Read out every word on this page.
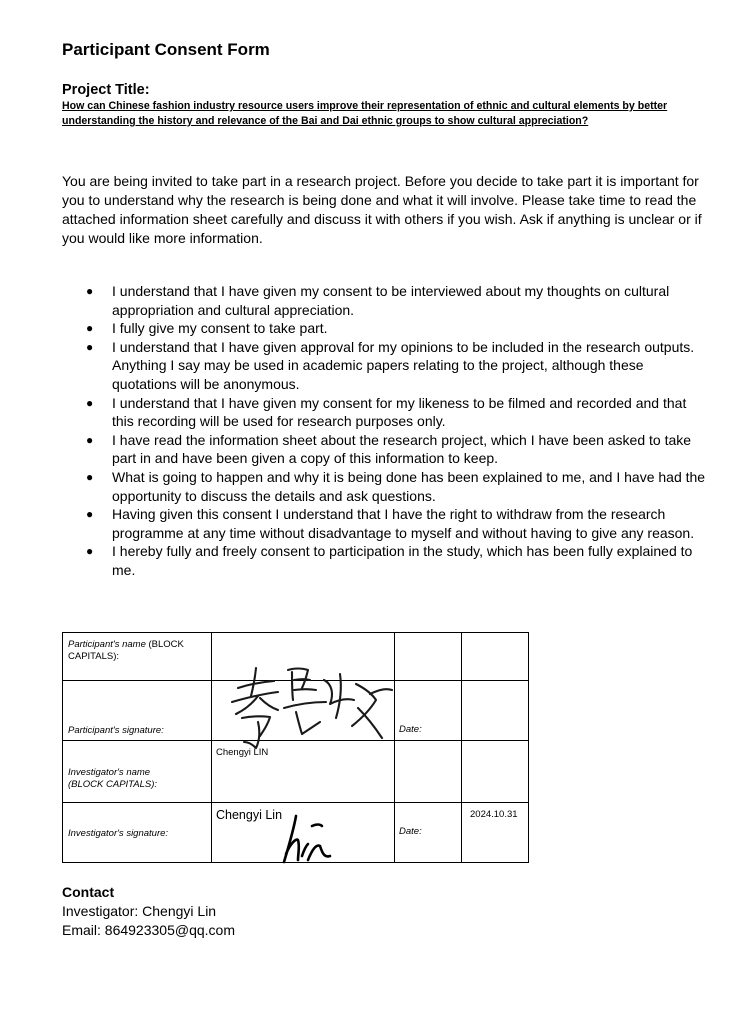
Participant Consent Form
Project Title:

How can Chinese fashion industry resource users improve their representation of ethnic and cultural elements by better understanding the history and relevance of the Bai and Dai ethnic groups to show cultural appreciation?

You are being invited to take part in a research project. Before you decide to take part it is important for you to understand why the research is being done and what it will involve. Please take time to read the attached information sheet carefully and discuss it with others if you wish. Ask if anything is unclear or if you would like more information.

● I understand that I have given my consent to be interviewed about my thoughts on cultural appropriation and cultural appreciation.
● I fully give my consent to take part.
● I understand that I have given approval for my opinions to be included in the research outputs. Anything I say may be used in academic papers relating to the project, although these quotations will be anonymous.
● I understand that I have given my consent for my likeness to be filmed and recorded and that this recording will be used for research purposes only.
● I have read the information sheet about the research project, which I have been asked to take part in and have been given a copy of this information to keep.
● What is going to happen and why it is being done has been explained to me, and I have had the opportunity to discuss the details and ask questions.
● Having given this consent I understand that I have the right to withdraw from the research programme at any time without disadvantage to myself and without having to give any reason.
● I hereby fully and freely consent to participation in the study, which has been fully explained to me.
Participant's name (BLOCK CAPITALS):			

Participant's signature:		Date:	

Investigator's name (BLOCK CAPITALS):	Chengyi LIN		

Investigator's signature:	Chengyi Lin	Date:	2024.10.31
Contact

Investigator: Chengyi Lin

Email: 864923305@qq.com
